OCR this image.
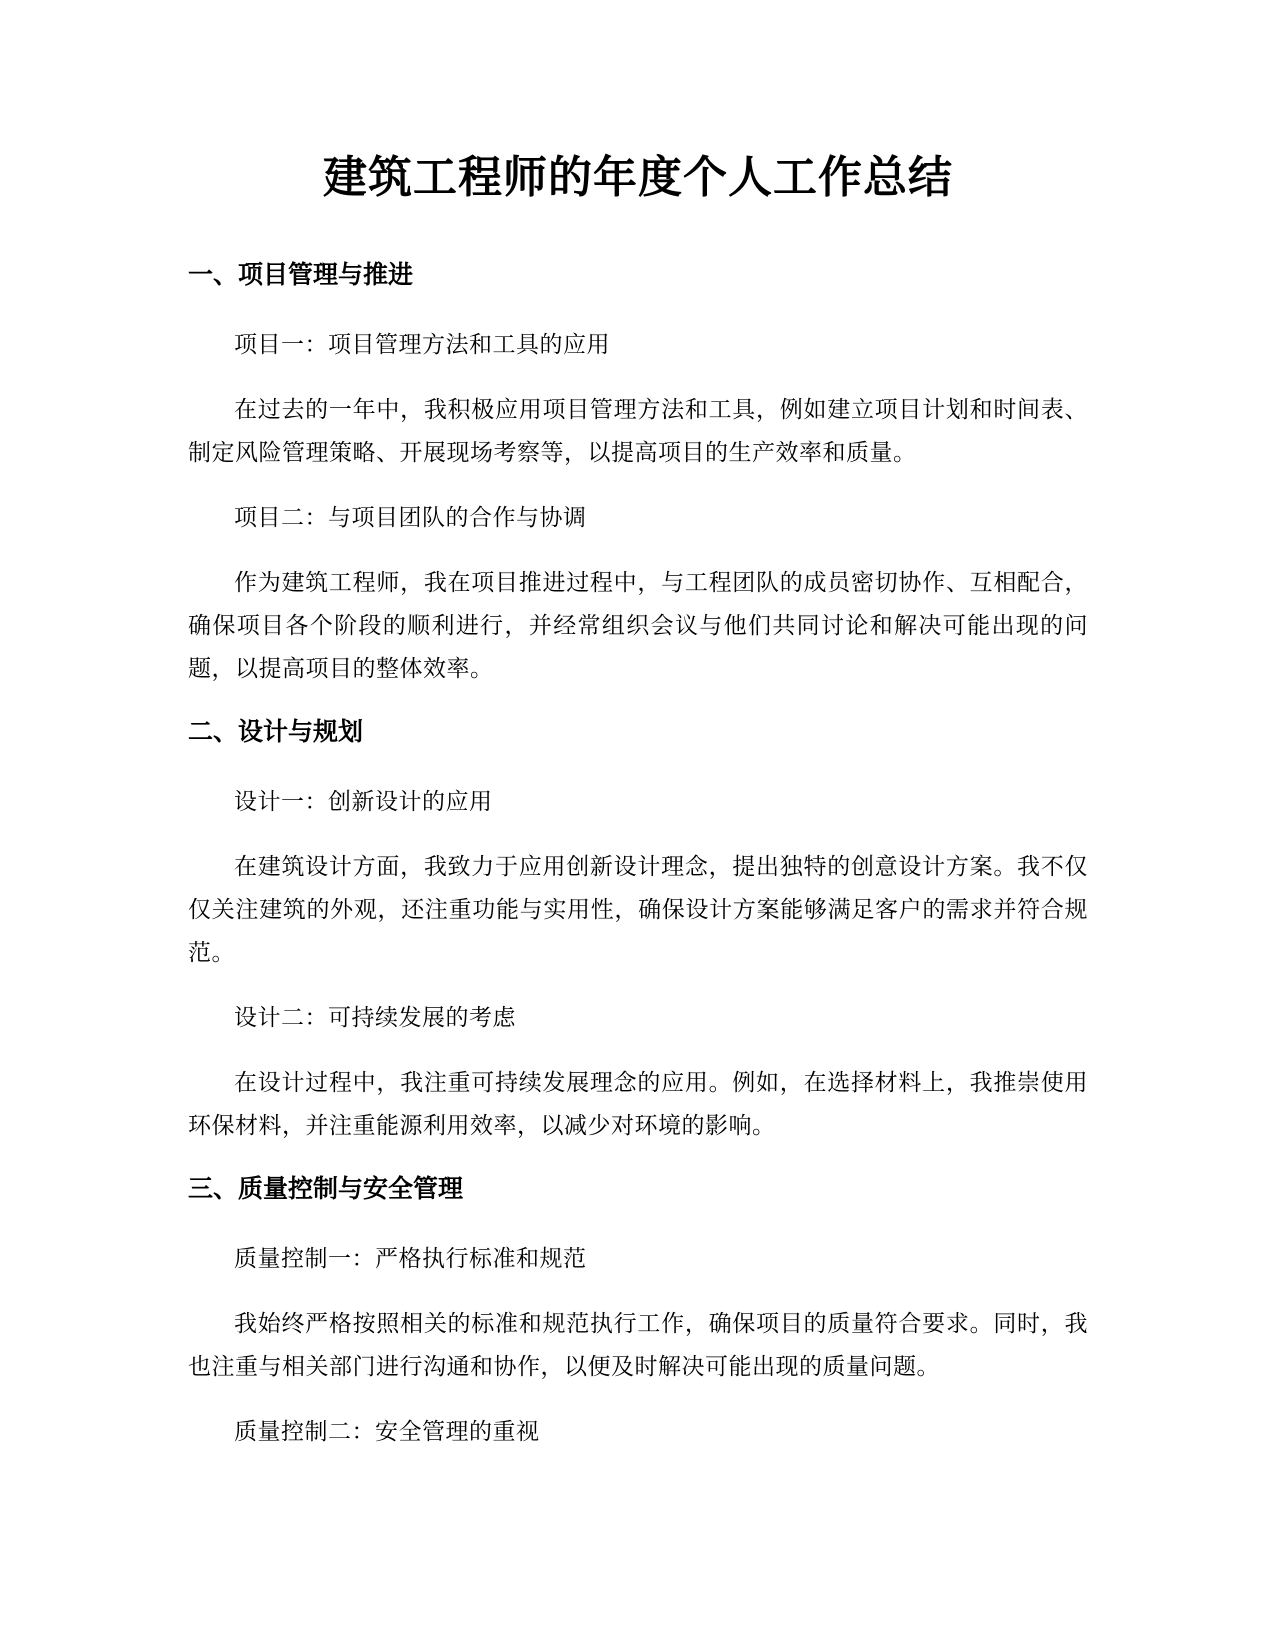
建筑工程师的年度个人工作总结
一、项目管理与推进

项目一：项目管理方法和工具的应用

在过去的一年中，我积极应用项目管理方法和工具，例如建立项目计划和时间表、制定风险管理策略、开展现场考察等，以提高项目的生产效率和质量。

项目二：与项目团队的合作与协调

作为建筑工程师，我在项目推进过程中，与工程团队的成员密切协作、互相配合，确保项目各个阶段的顺利进行，并经常组织会议与他们共同讨论和解决可能出现的问题，以提高项目的整体效率。

二、设计与规划

设计一：创新设计的应用

在建筑设计方面，我致力于应用创新设计理念，提出独特的创意设计方案。我不仅仅关注建筑的外观，还注重功能与实用性，确保设计方案能够满足客户的需求并符合规范。

设计二：可持续发展的考虑

在设计过程中，我注重可持续发展理念的应用。例如，在选择材料上，我推崇使用环保材料，并注重能源利用效率，以减少对环境的影响。

三、质量控制与安全管理

质量控制一：严格执行标准和规范

我始终严格按照相关的标准和规范执行工作，确保项目的质量符合要求。同时，我也注重与相关部门进行沟通和协作，以便及时解决可能出现的质量问题。

质量控制二：安全管理的重视
